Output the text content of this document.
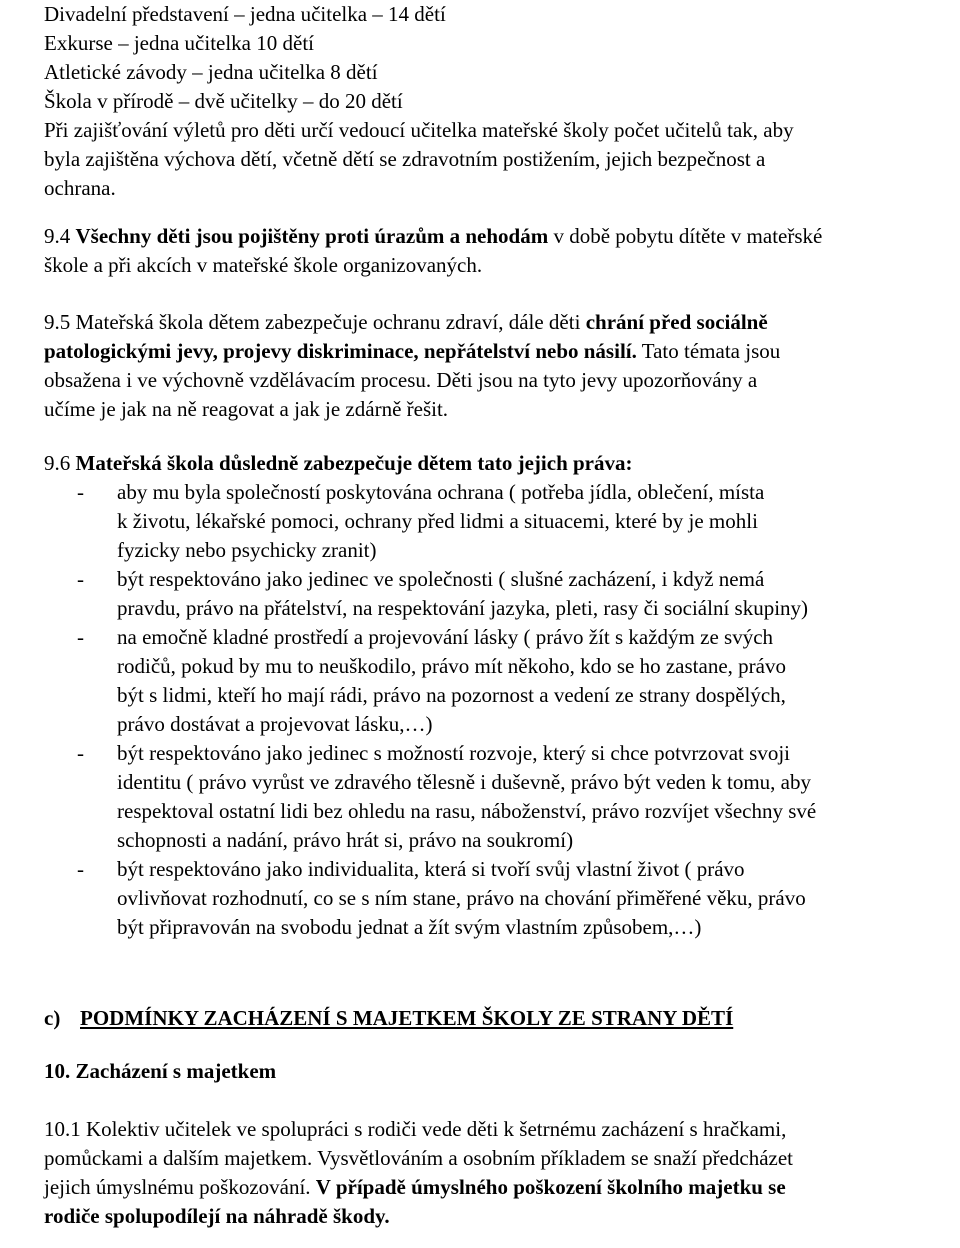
Divadelní představení – jedna učitelka – 14 dětí

Exkurse – jedna učitelka 10 dětí

Atletické závody – jedna učitelka 8 dětí

Škola v přírodě – dvě učitelky – do 20 dětí

Při zajišťování výletů pro děti určí vedoucí učitelka mateřské školy počet učitelů tak, aby

byla zajištěna výchova dětí, včetně dětí se zdravotním postižením, jejich bezpečnost a

ochrana.

9.4 Všechny děti jsou pojištěny proti úrazům a nehodám v době pobytu dítěte v mateřské

škole a při akcích v mateřské škole organizovaných.

9.5 Mateřská škola dětem zabezpečuje ochranu zdraví, dále děti chrání před sociálně

patologickými jevy, projevy diskriminace, nepřátelství nebo násilí. Tato témata jsou

obsažena i ve výchovně vzdělávacím procesu. Děti jsou na tyto jevy upozorňovány a

učíme je jak na ně reagovat a jak je zdárně řešit.

9.6 Mateřská škola důsledně zabezpečuje dětem tato jejich práva:

- aby mu byla společností poskytována ochrana ( potřeba jídla, oblečení, místa

k životu, lékařské pomoci, ochrany před lidmi a situacemi, které by je mohli

fyzicky nebo psychicky zranit)

- být respektováno jako jedinec ve společnosti ( slušné zacházení, i když nemá

pravdu, právo na přátelství, na respektování jazyka, pleti, rasy či sociální skupiny)

- na emočně kladné prostředí a projevování lásky ( právo žít s každým ze svých

rodičů, pokud by mu to neuškodilo, právo mít někoho, kdo se ho zastane, právo

být s lidmi, kteří ho mají rádi, právo na pozornost a vedení ze strany dospělých,

právo dostávat a projevovat lásku,…)

- být respektováno jako jedinec s možností rozvoje, který si chce potvrzovat svoji

identitu ( právo vyrůst ve zdravého tělesně i duševně, právo být veden k tomu, aby

respektoval ostatní lidi bez ohledu na rasu, náboženství, právo rozvíjet všechny své

schopnosti a nadání, právo hrát si, právo na soukromí)

- být respektováno jako individualita, která si tvoří svůj vlastní život ( právo

ovlivňovat rozhodnutí, co se s ním stane, právo na chování přiměřené věku, právo

být připravován na svobodu jednat a žít svým vlastním způsobem,…)

c) PODMÍNKY ZACHÁZENÍ S MAJETKEM ŠKOLY ZE STRANY DĚTÍ

10. Zacházení s majetkem

10.1 Kolektiv učitelek ve spolupráci s rodiči vede děti k šetrnému zacházení s hračkami,

pomůckami a dalším majetkem. Vysvětlováním a osobním příkladem se snaží předcházet

jejich úmyslnému poškozování. V případě úmyslného poškození školního majetku se

rodiče spolupodílejí na náhradě škody.
